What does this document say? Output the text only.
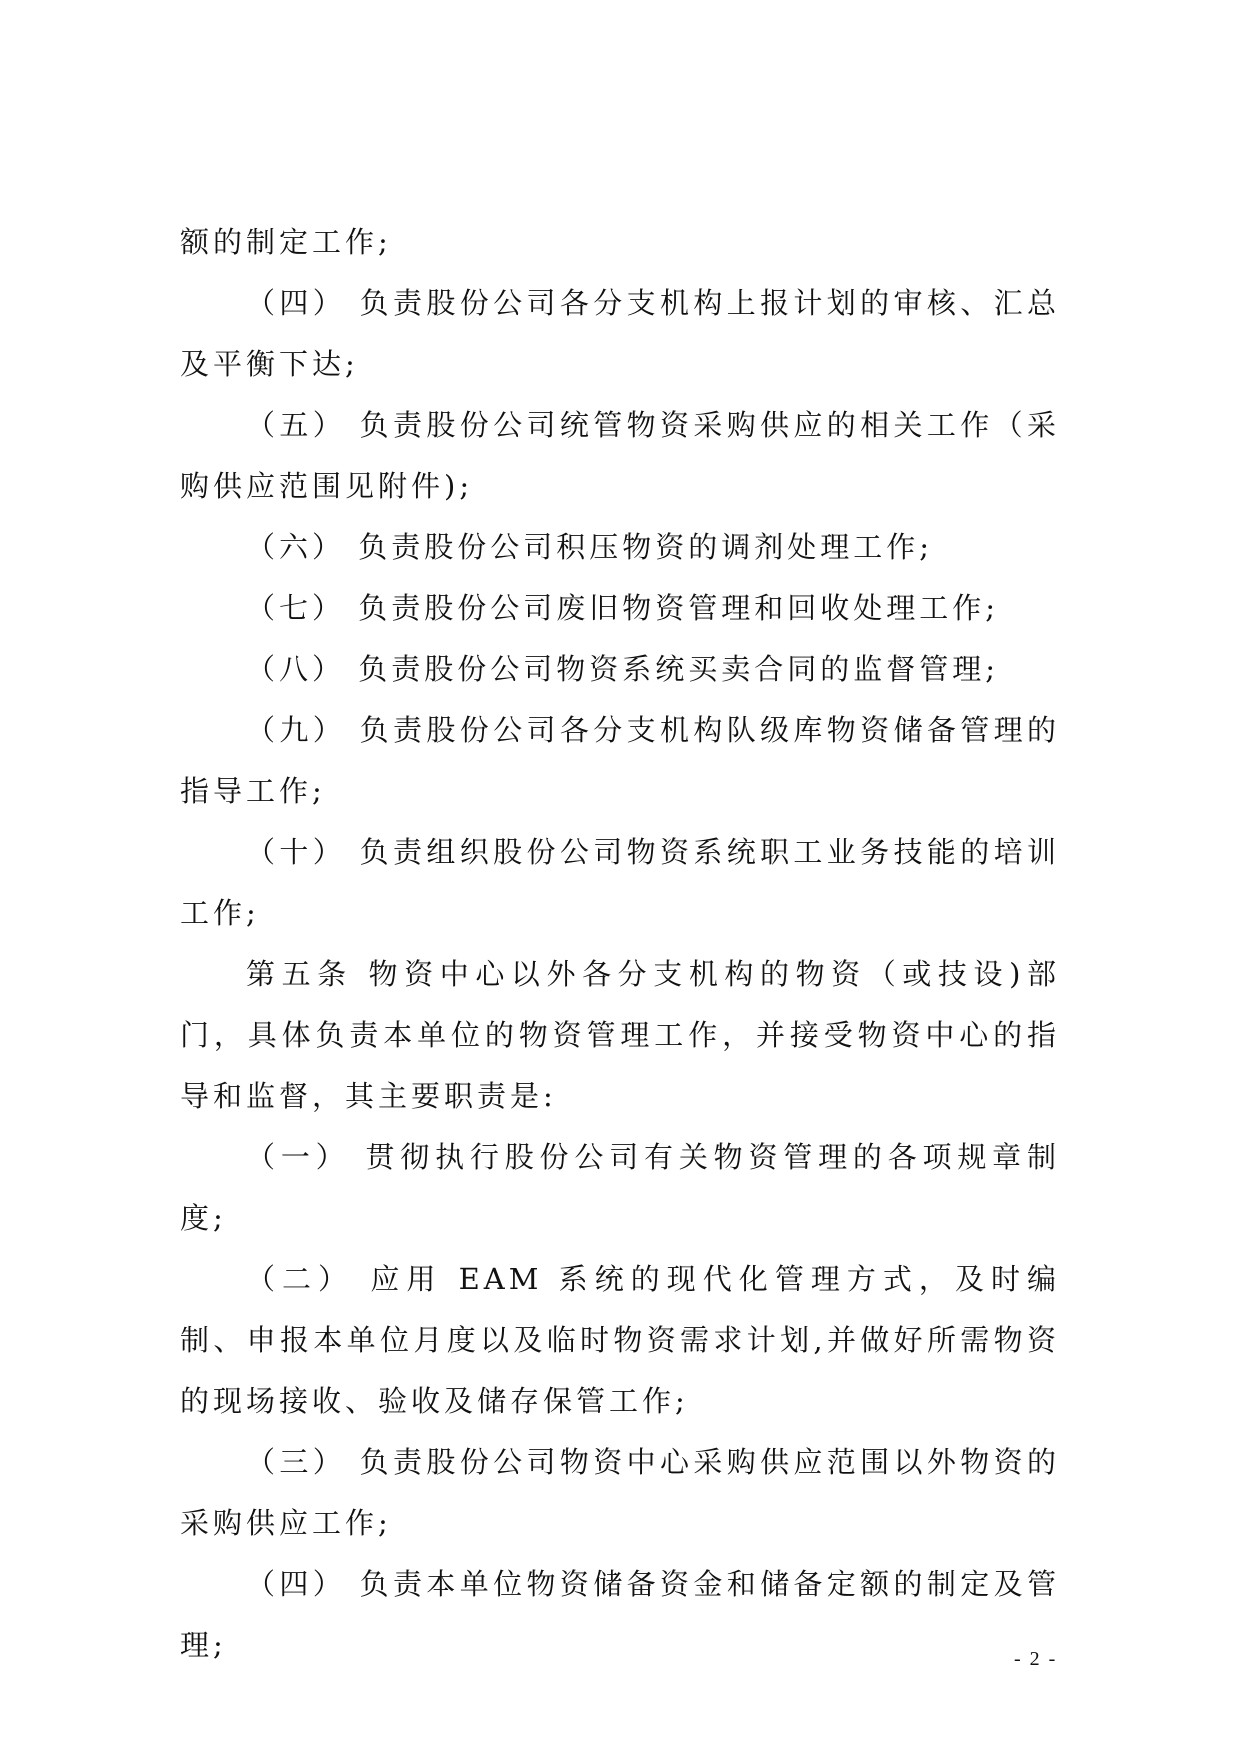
额的制定工作;

（四） 负责股份公司各分支机构上报计划的审核、汇总及平衡下达;

（五） 负责股份公司统管物资采购供应的相关工作（采购供应范围见附件);

（六） 负责股份公司积压物资的调剂处理工作;

（七） 负责股份公司废旧物资管理和回收处理工作;

（八） 负责股份公司物资系统买卖合同的监督管理;

（九） 负责股份公司各分支机构队级库物资储备管理的指导工作;

（十） 负责组织股份公司物资系统职工业务技能的培训工作;

第五条 物资中心以外各分支机构的物资（或技设)部门，具体负责本单位的物资管理工作，并接受物资中心的指导和监督，其主要职责是:

（一） 贯彻执行股份公司有关物资管理的各项规章制度;

（二） 应用 EAM 系统的现代化管理方式，及时编制、申报本单位月度以及临时物资需求计划,并做好所需物资的现场接收、验收及储存保管工作;

（三） 负责股份公司物资中心采购供应范围以外物资的采购供应工作;

（四） 负责本单位物资储备资金和储备定额的制定及管理;	- 2 -
